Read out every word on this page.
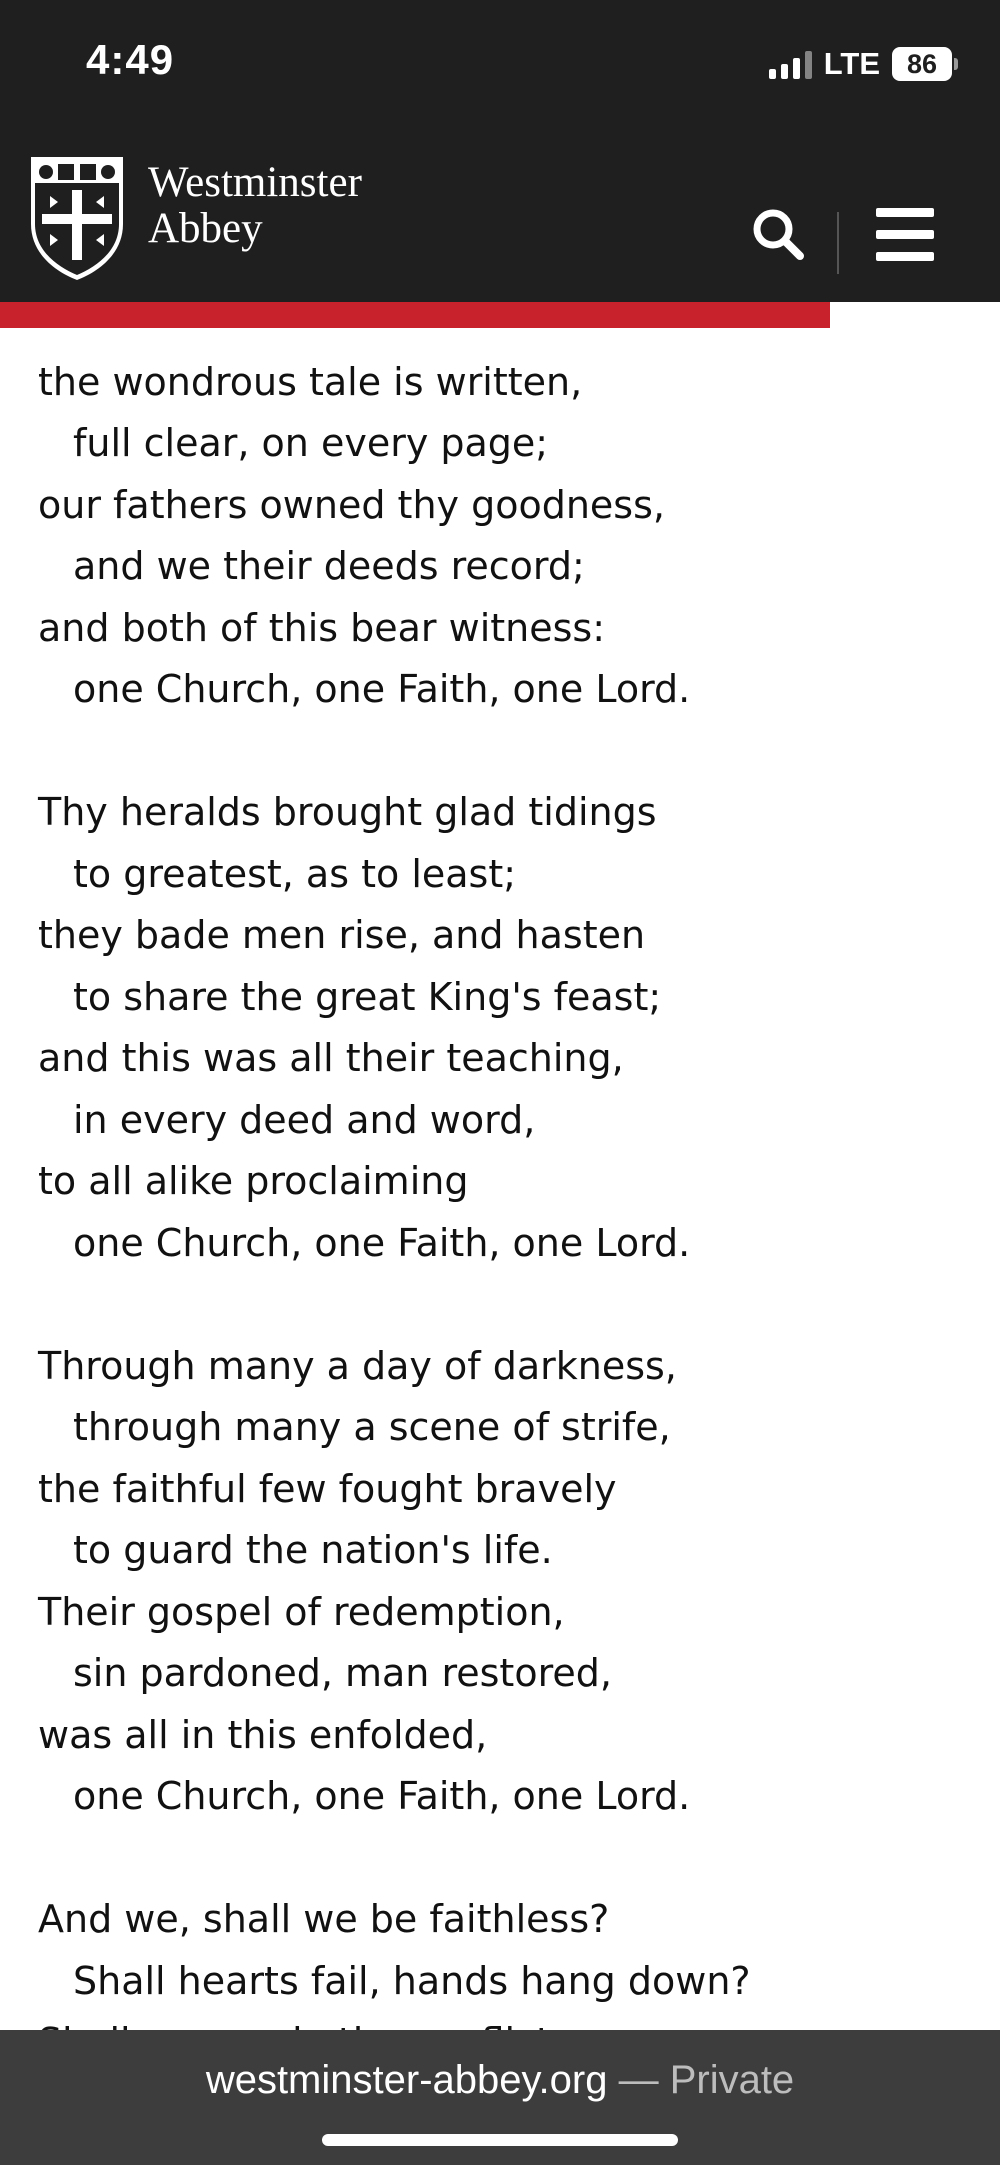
4:49	LTE 86
Westminster
Abbey

the wondrous tale is written,
full clear, on every page;
our fathers owned thy goodness,
and we their deeds record;
and both of this bear witness:
one Church, one Faith, one Lord.
Thy heralds brought glad tidings
to greatest, as to least;
they bade men rise, and hasten
to share the great King's feast;
and this was all their teaching,
in every deed and word,
to all alike proclaiming
one Church, one Faith, one Lord.
Through many a day of darkness,
through many a scene of strife,
the faithful few fought bravely
to guard the nation's life.
Their gospel of redemption,
sin pardoned, man restored,
was all in this enfolded,
one Church, one Faith, one Lord.
And we, shall we be faithless?
Shall hearts fail, hands hang down?
westminster-abbey.org — Private
